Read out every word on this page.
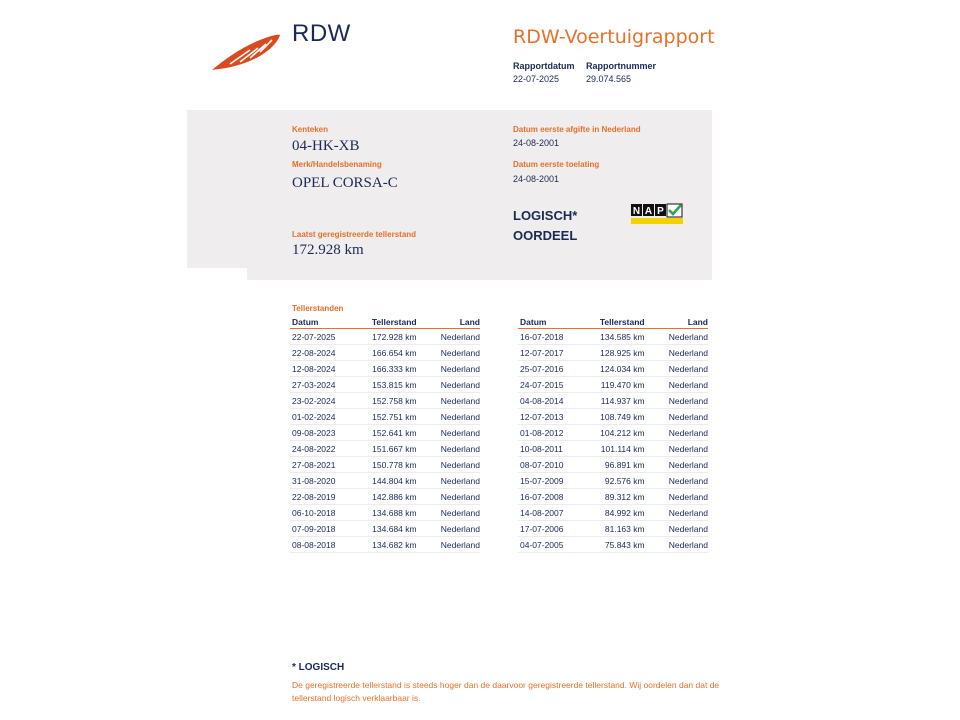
RDW	RDW-Voertuigrapport
Rapportdatum
22-07-2025
Rapportnummer
29.074.565
Kenteken
04-HK-XB
Merk/Handelsbenaming
OPEL CORSA-C
Laatst geregistreerde tellerstand
172.928 km
Datum eerste afgifte in Nederland
24-08-2001
Datum eerste toelating
24-08-2001
LOGISCH*
OORDEEL
N A P
Tellerstanden
Datum	Tellerstand	Land
22-07-2025	172.928 km	Nederland
22-08-2024	166.654 km	Nederland
12-08-2024	166.333 km	Nederland
27-03-2024	153.815 km	Nederland
23-02-2024	152.758 km	Nederland
01-02-2024	152.751 km	Nederland
09-08-2023	152.641 km	Nederland
24-08-2022	151.667 km	Nederland
27-08-2021	150.778 km	Nederland
31-08-2020	144.804 km	Nederland
22-08-2019	142.886 km	Nederland
06-10-2018	134.688 km	Nederland
07-09-2018	134.684 km	Nederland
08-08-2018	134.682 km	Nederland
Datum	Tellerstand	Land
16-07-2018	134.585 km	Nederland
12-07-2017	128.925 km	Nederland
25-07-2016	124.034 km	Nederland
24-07-2015	119.470 km	Nederland
04-08-2014	114.937 km	Nederland
12-07-2013	108.749 km	Nederland
01-08-2012	104.212 km	Nederland
10-08-2011	101.114 km	Nederland
08-07-2010	96.891 km	Nederland
15-07-2009	92.576 km	Nederland
16-07-2008	89.312 km	Nederland
14-08-2007	84.992 km	Nederland
17-07-2006	81.163 km	Nederland
04-07-2005	75.843 km	Nederland
* LOGISCH
De geregistreerde tellerstand is steeds hoger dan de daarvoor geregistreerde tellerstand. Wij oordelen dan dat de tellerstand logisch verklaarbaar is.
